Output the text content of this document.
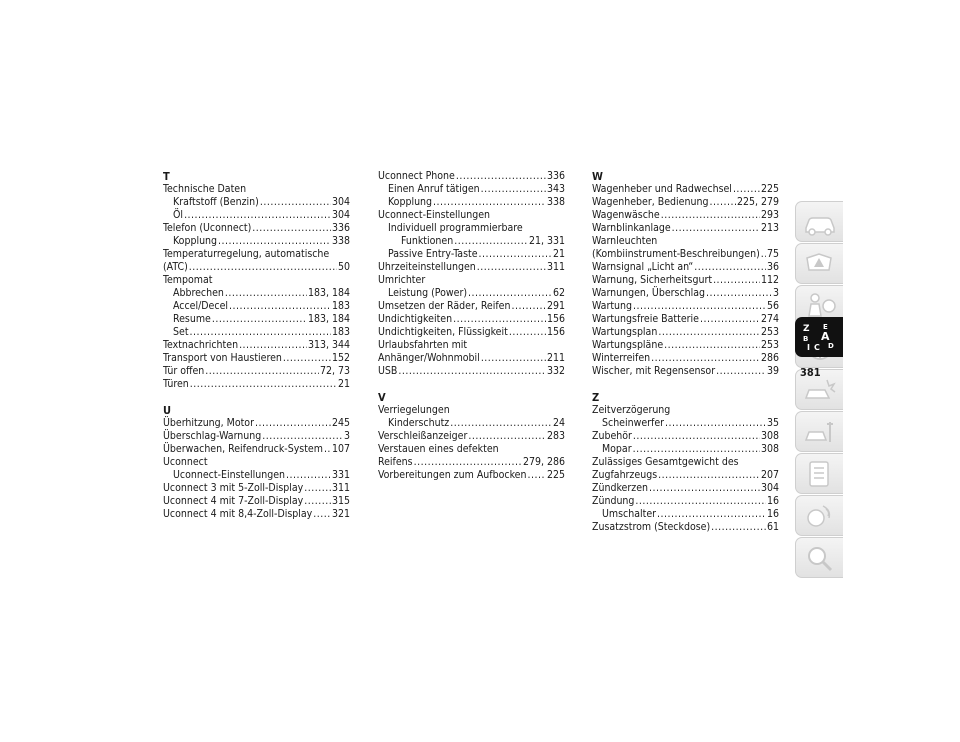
T
Technische Daten
Kraftstoff (Benzin) .....	304
Öl .....	304
Telefon (Uconnect) .....	336
Kopplung .....	338
Temperaturregelung, automatische
(ATC) .....	50
Tempomat
Abbrechen .....	183, 184
Accel/Decel .....	183
Resume .....	183, 184
Set .....	183
Textnachrichten .....	313, 344
Transport von Haustieren .....	152
Tür offen .....	72, 73
Türen .....	21
U
Überhitzung, Motor .....	245
Überschlag-Warnung .....	3
Überwachen, Reifendruck-System ..... 107
Uconnect
Uconnect-Einstellungen .....	331
Uconnect 3 mit 5-Zoll-Display .....	311
Uconnect 4 mit 7-Zoll-Display .....	315
Uconnect 4 mit 8,4-Zoll-Display ..... 321
Uconnect Phone .....	336
Einen Anruf tätigen .....	343
Kopplung .....	338
Uconnect-Einstellungen
Individuell programmierbare
Funktionen .....	21, 331
Passive Entry-Taste .....	21
Uhrzeiteinstellungen .....	311
Umrichter
Leistung (Power) .....	62
Umsetzen der Räder, Reifen .....	291
Undichtigkeiten .....	156
Undichtigkeiten, Flüssigkeit .....	156
Urlaubsfahrten mit
Anhänger/Wohnmobil .....	211
USB .....	332
V
Verriegelungen
Kinderschutz .....	24
Verschleißanzeiger .....	283
Verstauen eines defekten
Reifens .....	279, 286
Vorbereitungen zum Aufbocken ..... 225
W
Wagenheber und Radwechsel .....	225
Wagenheber, Bedienung .....	225, 279
Wagenwäsche .....	293
Warnblinkanlage .....	213
Warnleuchten
(Kombiinstrument-Beschreibungen) ..... 75
Warnsignal „Licht an“ .....	36
Warnung, Sicherheitsgurt .....	112
Warnungen, Überschlag .....	3
Wartung .....	56
Wartungsfreie Batterie .....	274
Wartungsplan .....	253
Wartungspläne .....	253
Winterreifen .....	286
Wischer, mit Regensensor .....	39
Z
Zeitverzögerung
Scheinwerfer .....	35
Zubehör .....	308
Mopar .....	308
Zulässiges Gesamtgewicht des
Zugfahrzeugs .....	207
Zündkerzen .....	304
Zündung .....	16
Umschalter .....	16
Zusatzstrom (Steckdose) .....	61
Z E
B A
I C D
381
